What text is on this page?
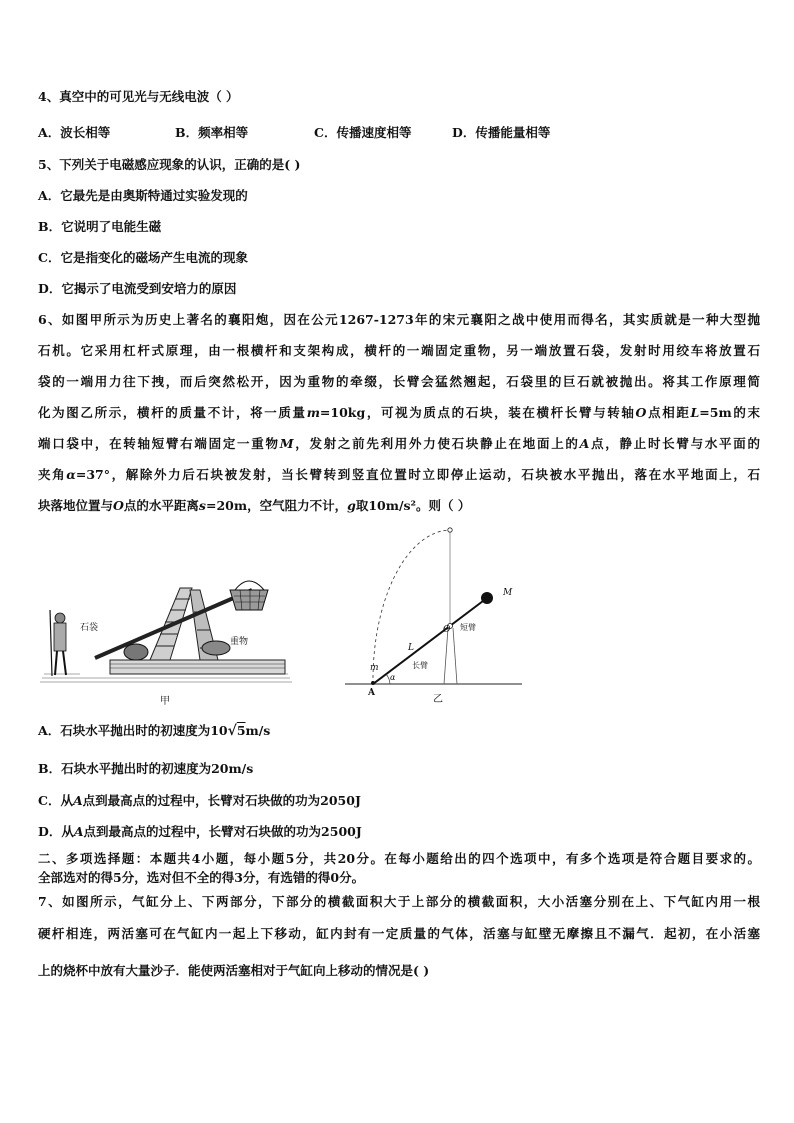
4、真空中的可见光与无线电波（ ）
A．波长相等	B．频率相等	C．传播速度相等	D．传播能量相等
5、下列关于电磁感应现象的认识，正确的是( )
A．它最先是由奥斯特通过实验发现的
B．它说明了电能生磁
C．它是指变化的磁场产生电流的现象
D．它揭示了电流受到安培力的原因
6、如图甲所示为历史上著名的襄阳炮，因在公元1267-1273年的宋元襄阳之战中使用而得名，其实质就是一种大型抛
石机。它采用杠杆式原理，由一根横杆和支架构成，横杆的一端固定重物，另一端放置石袋，发射时用绞车将放置石
袋的一端用力往下拽，而后突然松开，因为重物的牵缀，长臂会猛然翘起，石袋里的巨石就被抛出。将其工作原理简
化为图乙所示，横杆的质量不计，将一质量m=10kg，可视为质点的石块，装在横杆长臂与转轴O点相距L=5m的末
端口袋中，在转轴短臂右端固定一重物M，发射之前先利用外力使石块静止在地面上的A点，静止时长臂与水平面的
夹角α=37°，解除外力后石块被发射，当长臂转到竖直位置时立即停止运动，石块被水平抛出，落在水平地面上，石
块落地位置与O点的水平距离s=20m，空气阻力不计，g取10m/s²。则（ ）
石袋
重物
甲
M
O 短臂
L
长臂
m
A
α
乙
A．石块水平抛出时的初速度为10√5m/s
B．石块水平抛出时的初速度为20m/s
C．从A点到最高点的过程中，长臂对石块做的功为2050J
D．从A点到最高点的过程中，长臂对石块做的功为2500J
二、多项选择题：本题共4小题，每小题5分，共20分。在每小题给出的四个选项中，有多个选项是符合题目要求的。
全部选对的得5分，选对但不全的得3分，有选错的得0分。
7、如图所示，气缸分上、下两部分，下部分的横截面积大于上部分的横截面积，大小活塞分别在上、下气缸内用一根
硬杆相连，两活塞可在气缸内一起上下移动，缸内封有一定质量的气体，活塞与缸壁无摩擦且不漏气．起初，在小活塞
上的烧杯中放有大量沙子．能使两活塞相对于气缸向上移动的情况是( )
